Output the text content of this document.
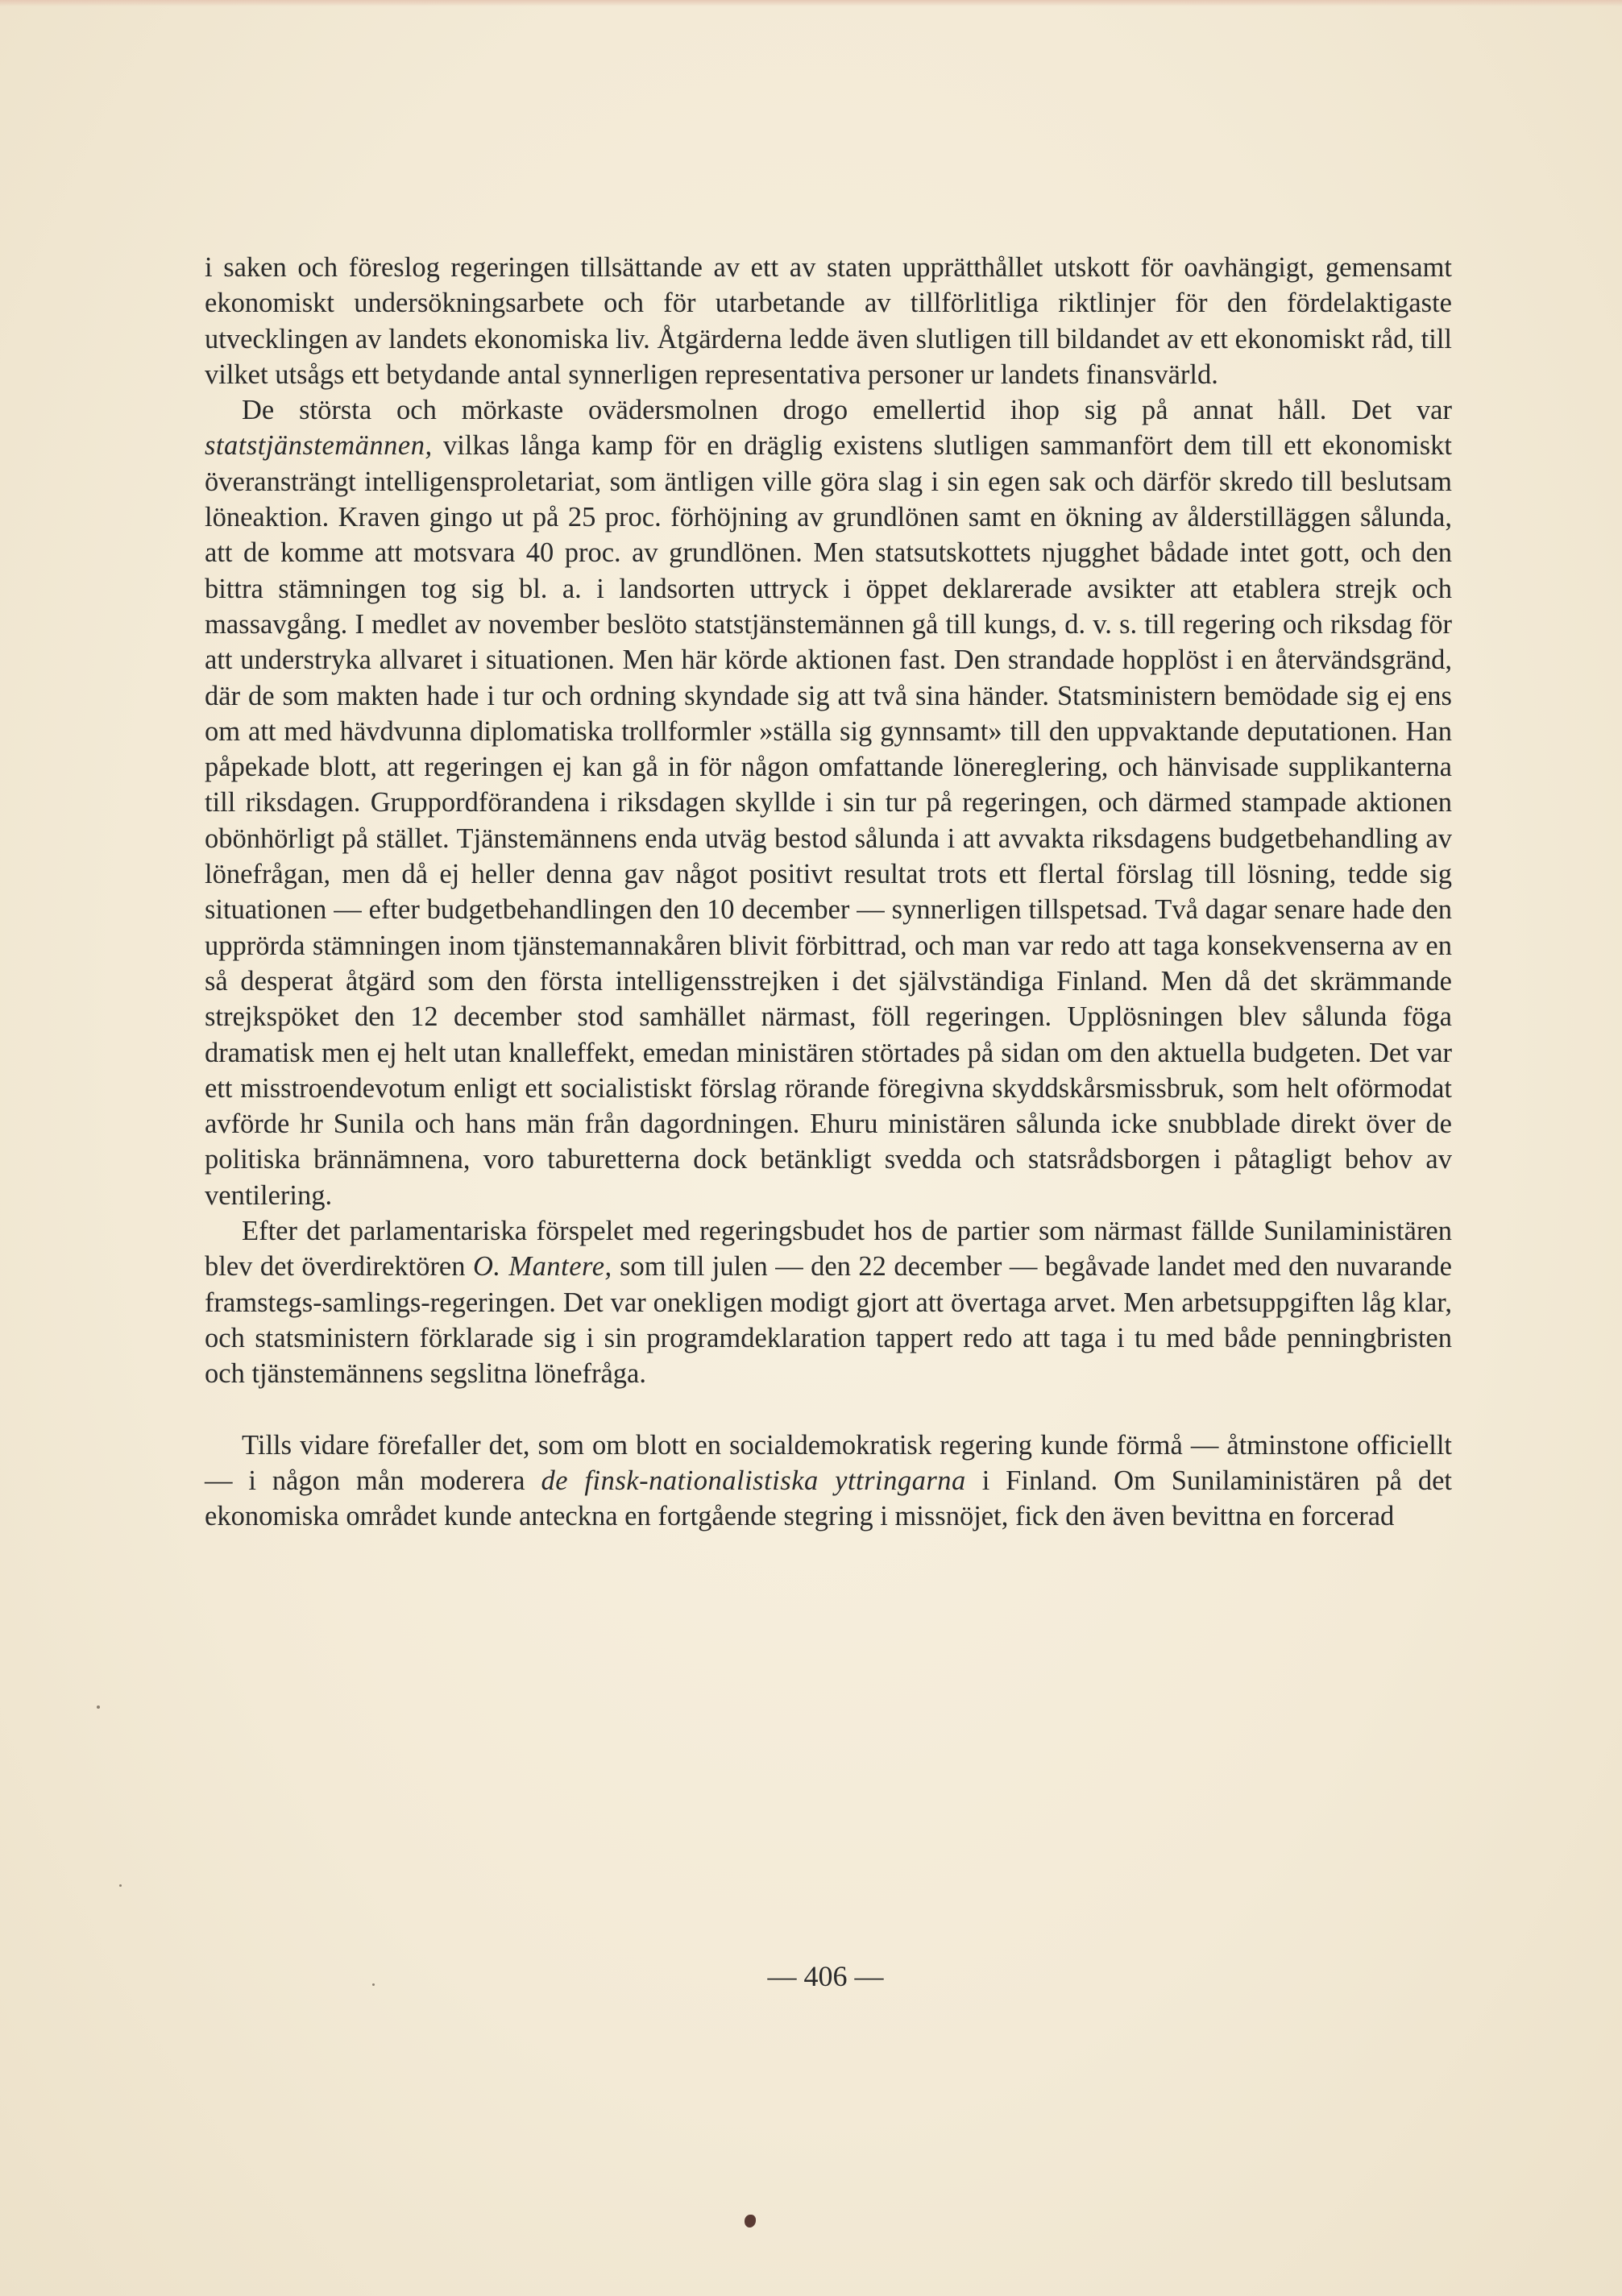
i saken och föreslog regeringen tillsättande av ett av staten upprätthållet utskott för oavhängigt, gemensamt ekonomiskt undersökningsarbete och för utarbetande av tillförlitliga riktlinjer för den fördelaktigaste utvecklingen av landets ekonomiska liv. Åtgärderna ledde även slutligen till bildandet av ett ekonomiskt råd, till vilket utsågs ett betydande antal synnerligen representativa personer ur landets finansvärld.

De största och mörkaste ovädersmolnen drogo emellertid ihop sig på annat håll. Det var statstjänstemännen, vilkas långa kamp för en dräglig existens slutligen sammanfört dem till ett ekonomiskt överansträngt intelligensproletariat, som äntligen ville göra slag i sin egen sak och därför skredo till beslutsam löneaktion. Kraven gingo ut på 25 proc. förhöjning av grundlönen samt en ökning av ålderstilläggen sålunda, att de komme att motsvara 40 proc. av grundlönen. Men statsutskottets njugghet bådade intet gott, och den bittra stämningen tog sig bl. a. i landsorten uttryck i öppet deklarerade avsikter att etablera strejk och massavgång. I medlet av november beslöto statstjänstemännen gå till kungs, d. v. s. till regering och riksdag för att understryka allvaret i situationen. Men här körde aktionen fast. Den strandade hopplöst i en återvändsgränd, där de som makten hade i tur och ordning skyndade sig att två sina händer. Statsministern bemödade sig ej ens om att med hävdvunna diplomatiska trollformler »ställa sig gynnsamt» till den uppvaktande deputationen. Han påpekade blott, att regeringen ej kan gå in för någon omfattande lönereglering, och hänvisade supplikanterna till riksdagen. Gruppordförandena i riksdagen skyllde i sin tur på regeringen, och därmed stampade aktionen obönhörligt på stället. Tjänstemännens enda utväg bestod sålunda i att avvakta riksdagens budgetbehandling av lönefrågan, men då ej heller denna gav något positivt resultat trots ett flertal förslag till lösning, tedde sig situationen — efter budgetbehandlingen den 10 december — synnerligen tillspetsad. Två dagar senare hade den upprörda stämningen inom tjänstemannakåren blivit förbittrad, och man var redo att taga konsekvenserna av en så desperat åtgärd som den första intelligensstrejken i det självständiga Finland. Men då det skrämmande strejkspöket den 12 december stod samhället närmast, föll regeringen. Upplösningen blev sålunda föga dramatisk men ej helt utan knalleffekt, emedan ministären störtades på sidan om den aktuella budgeten. Det var ett misstroendevotum enligt ett socialistiskt förslag rörande föregivna skyddskårsmissbruk, som helt oförmodat avförde hr Sunila och hans män från dagordningen. Ehuru ministären sålunda icke snubblade direkt över de politiska brännämnena, voro taburetterna dock betänkligt svedda och statsrådsborgen i påtagligt behov av ventilering.

Efter det parlamentariska förspelet med regeringsbudet hos de partier som närmast fällde Sunilaministären blev det överdirektören O. Mantere, som till julen — den 22 december — begåvade landet med den nuvarande framstegs-samlings-regeringen. Det var onekligen modigt gjort att övertaga arvet. Men arbetsuppgiften låg klar, och statsministern förklarade sig i sin programdeklaration tappert redo att taga i tu med både penningbristen och tjänstemännens segslitna lönefråga.

Tills vidare förefaller det, som om blott en socialdemokratisk regering kunde förmå — åtminstone officiellt — i någon mån moderera de finsk-nationalistiska yttringarna i Finland. Om Sunilaministären på det ekonomiska området kunde anteckna en fortgående stegring i missnöjet, fick den även bevittna en forcerad

— 406 —
